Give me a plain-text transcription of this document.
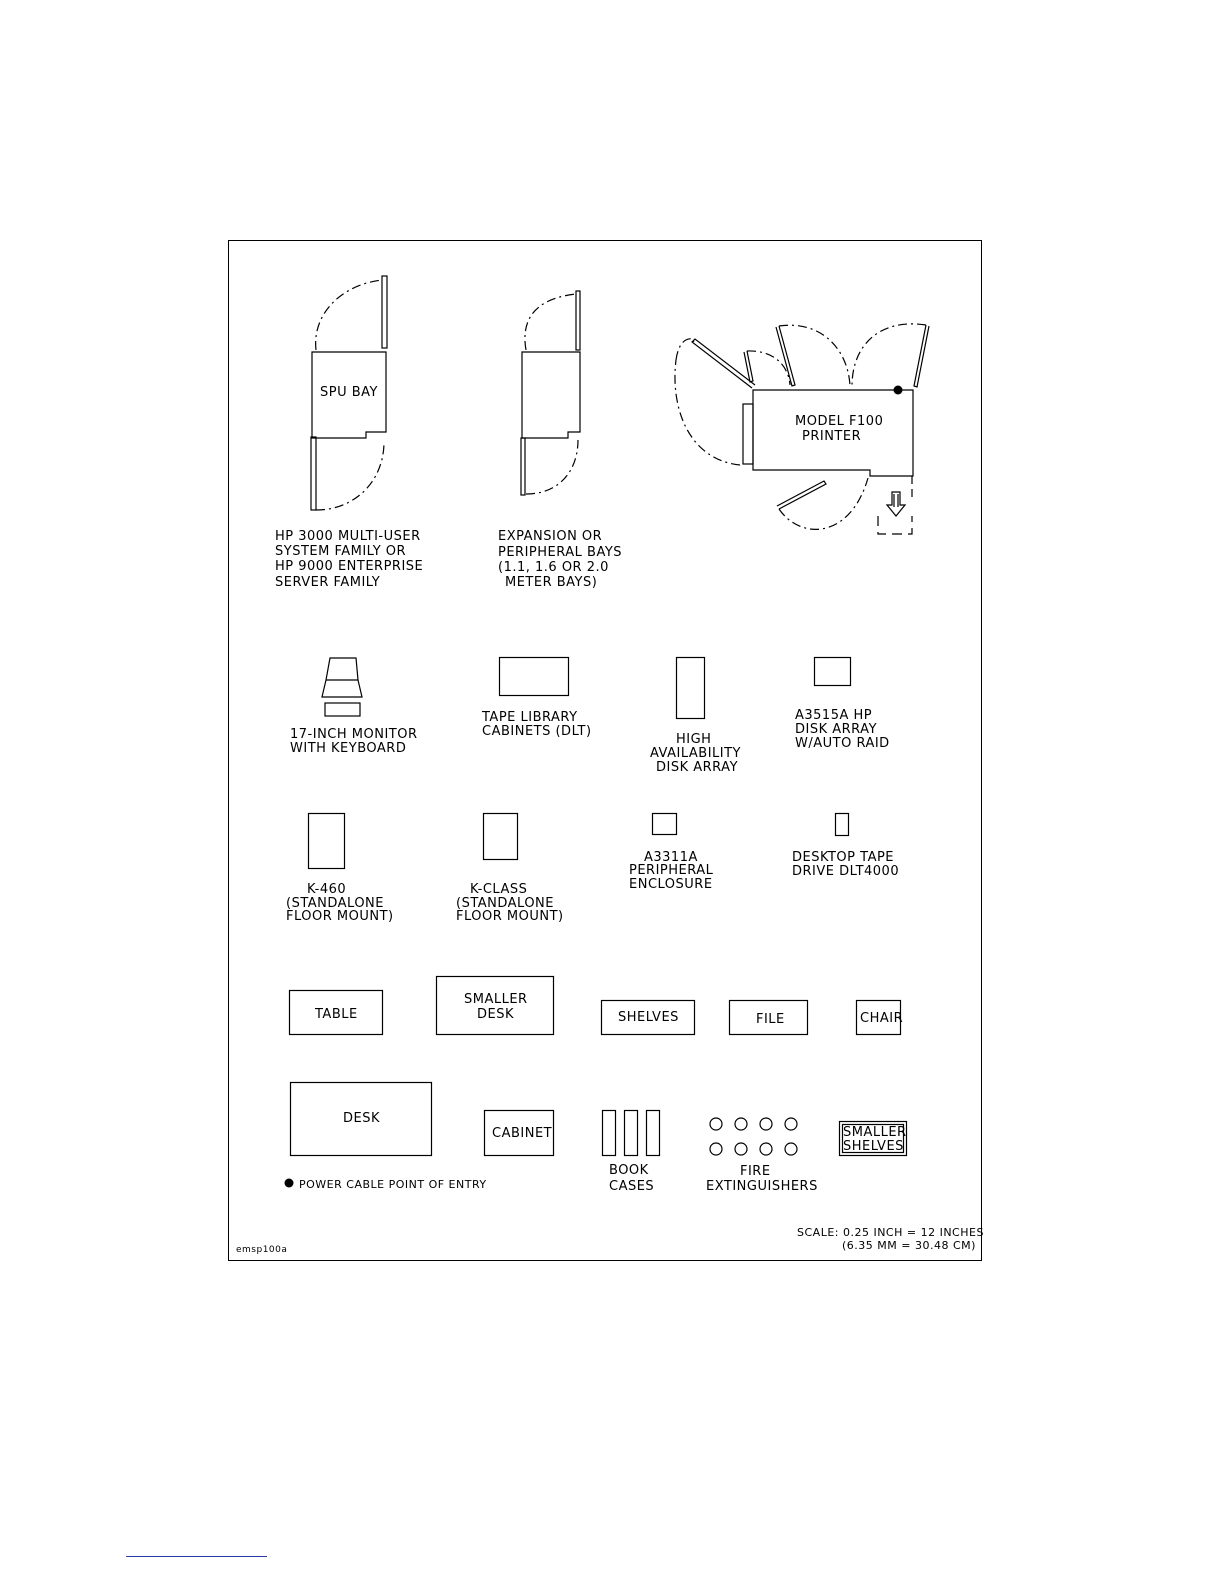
SPU BAY
HP 3000 MULTI-USER
SYSTEM FAMILY OR
HP 9000 ENTERPRISE
SERVER FAMILY
EXPANSION OR
PERIPHERAL BAYS
(1.1, 1.6 OR 2.0
METER BAYS)
MODEL F100
PRINTER
17-INCH MONITOR
WITH KEYBOARD
TAPE LIBRARY
CABINETS (DLT)
HIGH
AVAILABILITY
DISK ARRAY
A3515A HP
DISK ARRAY
W/AUTO RAID
K-460
(STANDALONE
FLOOR MOUNT)
K-CLASS
(STANDALONE
FLOOR MOUNT)
A3311A
PERIPHERAL
ENCLOSURE
DESKTOP TAPE
DRIVE DLT4000
TABLE
SMALLER
DESK	SHELVES	FILE	CHAIR
DESK
CABINET
BOOK
CASES
FIRE
EXTINGUISHERS
SMALLER
SHELVES
POWER CABLE POINT OF ENTRY
SCALE: 0.25 INCH = 12 INCHES
(6.35 MM = 30.48 CM)
emsp100a
